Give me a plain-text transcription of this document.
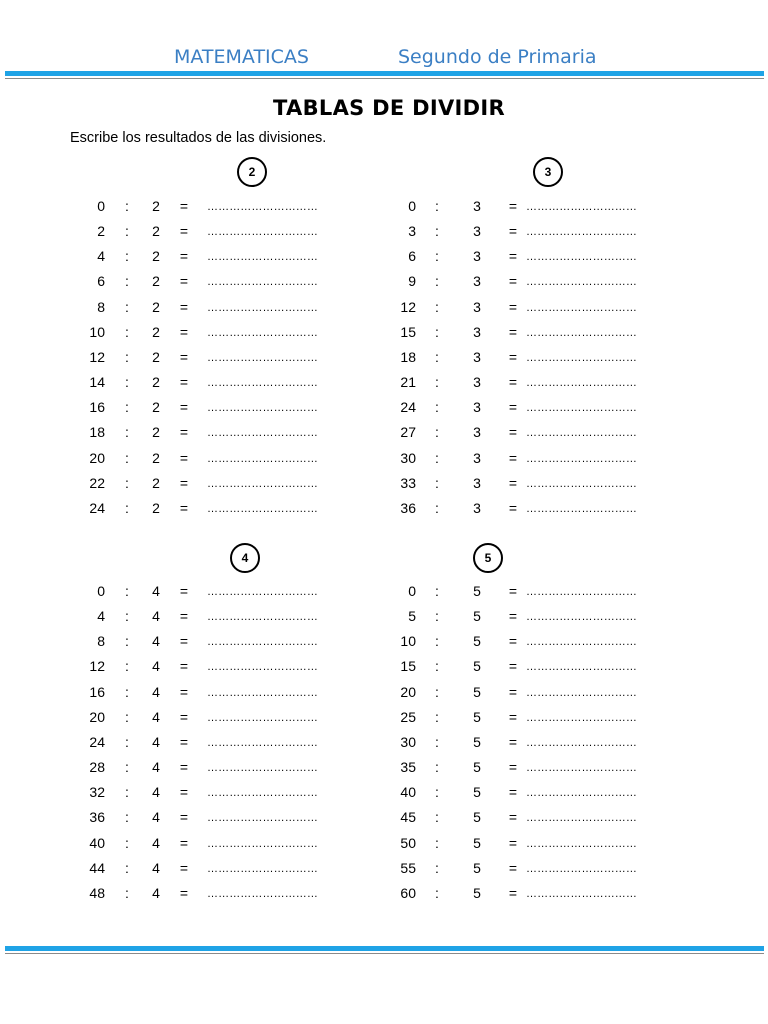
MATEMATICAS	Segundo de Primaria
TABLAS DE DIVIDIR
Escribe los resultados de las divisiones.
2
0 : 2 = …………………………
2 : 2 = …………………………
4 : 2 = …………………………
6 : 2 = …………………………
8 : 2 = …………………………
10 : 2 = …………………………
12 : 2 = …………………………
14 : 2 = …………………………
16 : 2 = …………………………
18 : 2 = …………………………
20 : 2 = …………………………
22 : 2 = …………………………
24 : 2 = …………………………
3
0 : 3 = …………………………
3 : 3 = …………………………
6 : 3 = …………………………
9 : 3 = …………………………
12 : 3 = …………………………
15 : 3 = …………………………
18 : 3 = …………………………
21 : 3 = …………………………
24 : 3 = …………………………
27 : 3 = …………………………
30 : 3 = …………………………
33 : 3 = …………………………
36 : 3 = …………………………
4
0 : 4 = …………………………
4 : 4 = …………………………
8 : 4 = …………………………
12 : 4 = …………………………
16 : 4 = …………………………
20 : 4 = …………………………
24 : 4 = …………………………
28 : 4 = …………………………
32 : 4 = …………………………
36 : 4 = …………………………
40 : 4 = …………………………
44 : 4 = …………………………
48 : 4 = …………………………
5
0 : 5 = …………………………
5 : 5 = …………………………
10 : 5 = …………………………
15 : 5 = …………………………
20 : 5 = …………………………
25 : 5 = …………………………
30 : 5 = …………………………
35 : 5 = …………………………
40 : 5 = …………………………
45 : 5 = …………………………
50 : 5 = …………………………
55 : 5 = …………………………
60 : 5 = …………………………
